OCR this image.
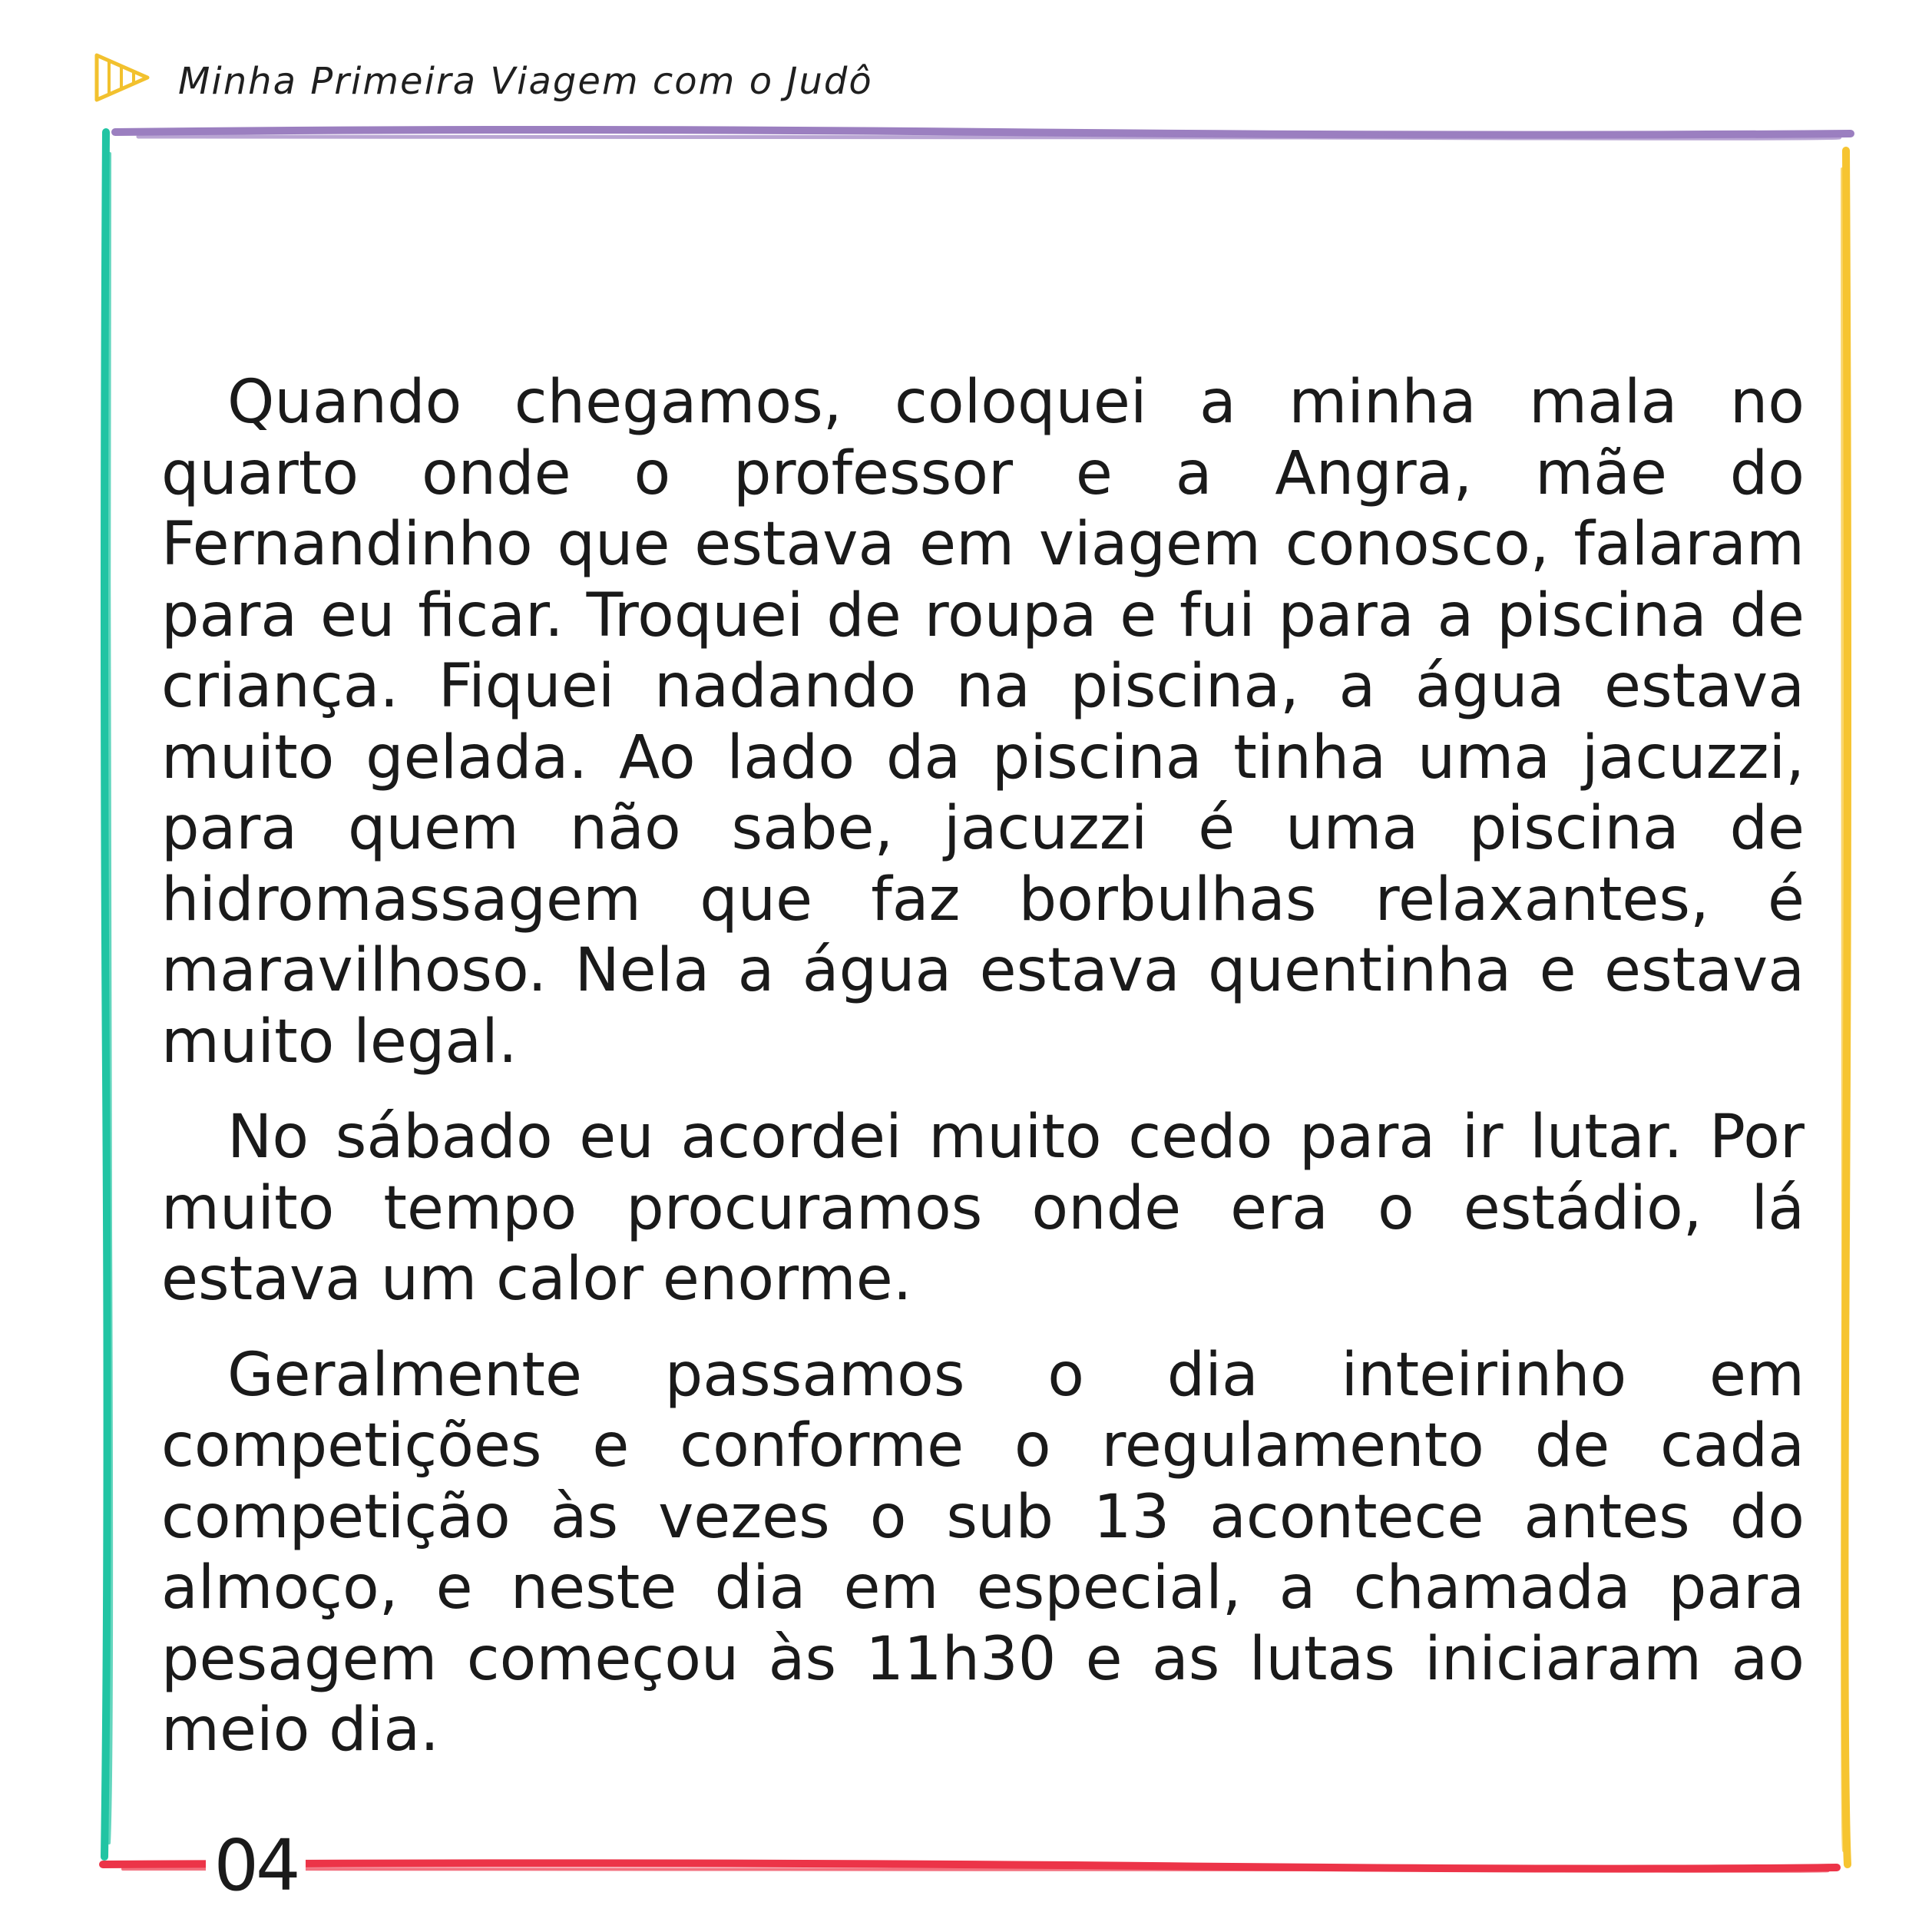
Minha Primeira Viagem com o Judô

Quando chegamos, coloquei a minha mala no quarto onde o professor e a Angra, mãe do Fernandinho que estava em viagem conosco, falaram para eu ficar. Troquei de roupa e fui para a piscina de criança. Fiquei nadando na piscina, a água estava muito gelada. Ao lado da piscina tinha uma jacuzzi, para quem não sabe, jacuzzi é uma piscina de hidromassagem que faz borbulhas relaxantes, é maravilhoso. Nela a água estava quentinha e estava muito legal.

No sábado eu acordei muito cedo para ir lutar. Por muito tempo procuramos onde era o estádio, lá estava um calor enorme.

Geralmente passamos o dia inteirinho em competições e conforme o regulamento de cada competição às vezes o sub 13 acontece antes do almoço, e neste dia em especial, a chamada para pesagem começou às 11h30 e as lutas iniciaram ao meio dia.

04
